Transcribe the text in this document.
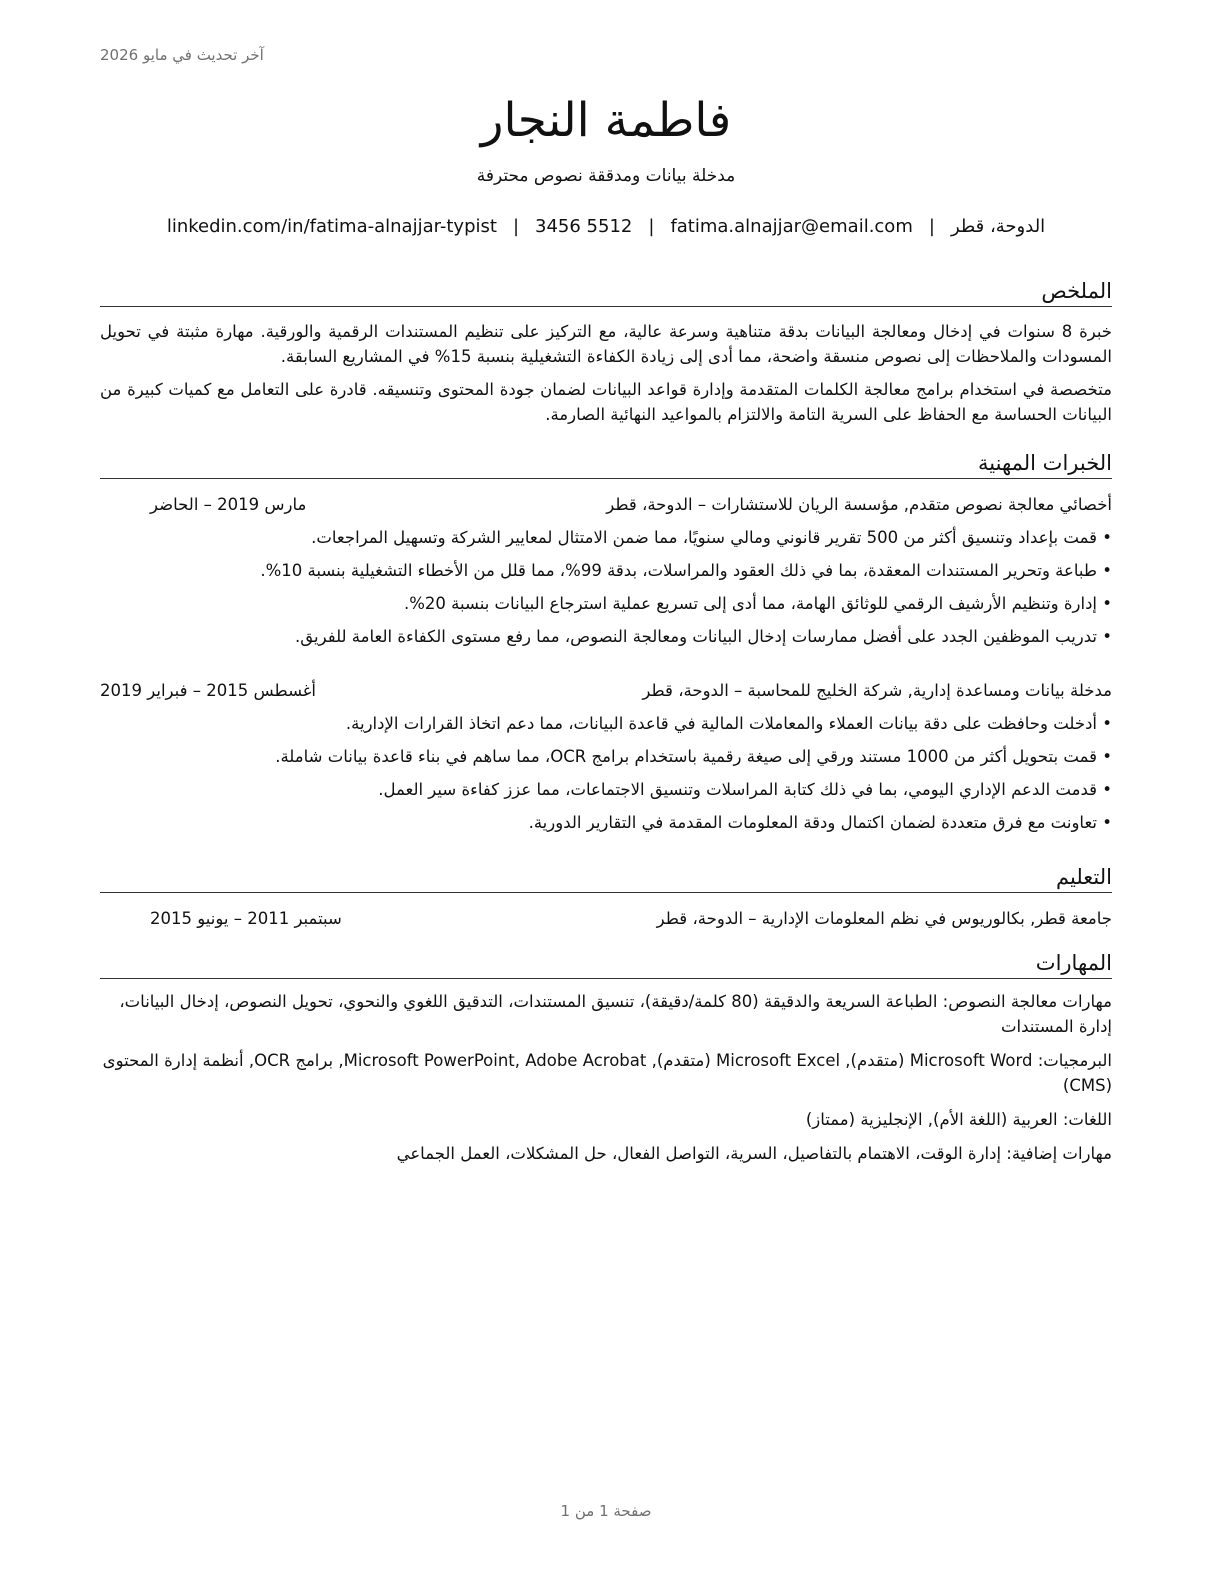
آخر تحديث في مايو 2026
فاطمة النجار
مدخلة بيانات ومدققة نصوص محترفة
الدوحة، قطر
|
fatima.alnajjar@email.com
|
3456 5512
|
linkedin.com/in/fatima-alnajjar-typist
الملخص
خبرة 8 سنوات في إدخال ومعالجة البيانات بدقة متناهية وسرعة عالية، مع التركيز على تنظيم المستندات الرقمية والورقية. مهارة مثبتة في تحويل المسودات والملاحظات إلى نصوص منسقة واضحة، مما أدى إلى زيادة الكفاءة التشغيلية بنسبة 15% في المشاريع السابقة.
متخصصة في استخدام برامج معالجة الكلمات المتقدمة وإدارة قواعد البيانات لضمان جودة المحتوى وتنسيقه. قادرة على التعامل مع كميات كبيرة من البيانات الحساسة مع الحفاظ على السرية التامة والالتزام بالمواعيد النهائية الصارمة.
الخبرات المهنية
أخصائي معالجة نصوص متقدم, مؤسسة الريان للاستشارات – الدوحة، قطر
مارس 2019 – الحاضر
• قمت بإعداد وتنسيق أكثر من 500 تقرير قانوني ومالي سنويًا، مما ضمن الامتثال لمعايير الشركة وتسهيل المراجعات.
• طباعة وتحرير المستندات المعقدة، بما في ذلك العقود والمراسلات، بدقة 99%، مما قلل من الأخطاء التشغيلية بنسبة 10%.
• إدارة وتنظيم الأرشيف الرقمي للوثائق الهامة، مما أدى إلى تسريع عملية استرجاع البيانات بنسبة 20%.
• تدريب الموظفين الجدد على أفضل ممارسات إدخال البيانات ومعالجة النصوص، مما رفع مستوى الكفاءة العامة للفريق.
مدخلة بيانات ومساعدة إدارية, شركة الخليج للمحاسبة – الدوحة، قطر
أغسطس 2015 – فبراير 2019
• أدخلت وحافظت على دقة بيانات العملاء والمعاملات المالية في قاعدة البيانات، مما دعم اتخاذ القرارات الإدارية.
• قمت بتحويل أكثر من 1000 مستند ورقي إلى صيغة رقمية باستخدام برامج OCR، مما ساهم في بناء قاعدة بيانات شاملة.
• قدمت الدعم الإداري اليومي، بما في ذلك كتابة المراسلات وتنسيق الاجتماعات، مما عزز كفاءة سير العمل.
• تعاونت مع فرق متعددة لضمان اكتمال ودقة المعلومات المقدمة في التقارير الدورية.
التعليم
جامعة قطر, بكالوريوس في نظم المعلومات الإدارية – الدوحة، قطر
سبتمبر 2011 – يونيو 2015
المهارات
مهارات معالجة النصوص: الطباعة السريعة والدقيقة (80 كلمة/دقيقة)، تنسيق المستندات، التدقيق اللغوي والنحوي، تحويل النصوص، إدخال البيانات، إدارة المستندات
البرمجيات: Microsoft Word (متقدم), Microsoft Excel (متقدم), Microsoft PowerPoint, Adobe Acrobat, برامج OCR, أنظمة إدارة المحتوى (CMS)
اللغات: العربية (اللغة الأم), الإنجليزية (ممتاز)
مهارات إضافية: إدارة الوقت، الاهتمام بالتفاصيل، السرية، التواصل الفعال، حل المشكلات، العمل الجماعي
صفحة 1 من 1
